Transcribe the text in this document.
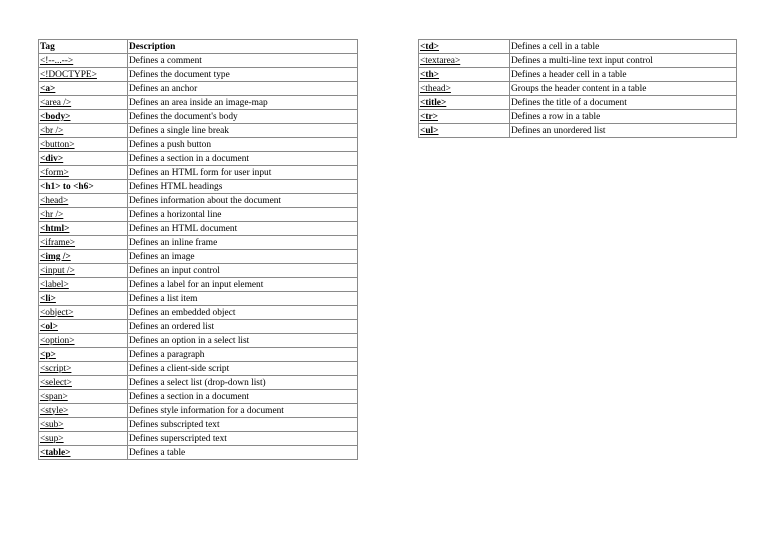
Tag	Description
<!--...-->	Defines a comment
<!DOCTYPE>	Defines the document type
<a>	Defines an anchor
<area />	Defines an area inside an image-map
<body>	Defines the document's body
<br />	Defines a single line break
<button>	Defines a push button
<div>	Defines a section in a document
<form>	Defines an HTML form for user input
<h1> to <h6>	Defines HTML headings
<head>	Defines information about the document
<hr />	Defines a horizontal line
<html>	Defines an HTML document
<iframe>	Defines an inline frame
<img />	Defines an image
<input />	Defines an input control
<label>	Defines a label for an input element
<li>	Defines a list item
<object>	Defines an embedded object
<ol>	Defines an ordered list
<option>	Defines an option in a select list
<p>	Defines a paragraph
<script>	Defines a client-side script
<select>	Defines a select list (drop-down list)
<span>	Defines a section in a document
<style>	Defines style information for a document
<sub>	Defines subscripted text
<sup>	Defines superscripted text
<table>	Defines a table
<td>	Defines a cell in a table
<textarea>	Defines a multi-line text input control
<th>	Defines a header cell in a table
<thead>	Groups the header content in a table
<title>	Defines the title of a document
<tr>	Defines a row in a table
<ul>	Defines an unordered list
